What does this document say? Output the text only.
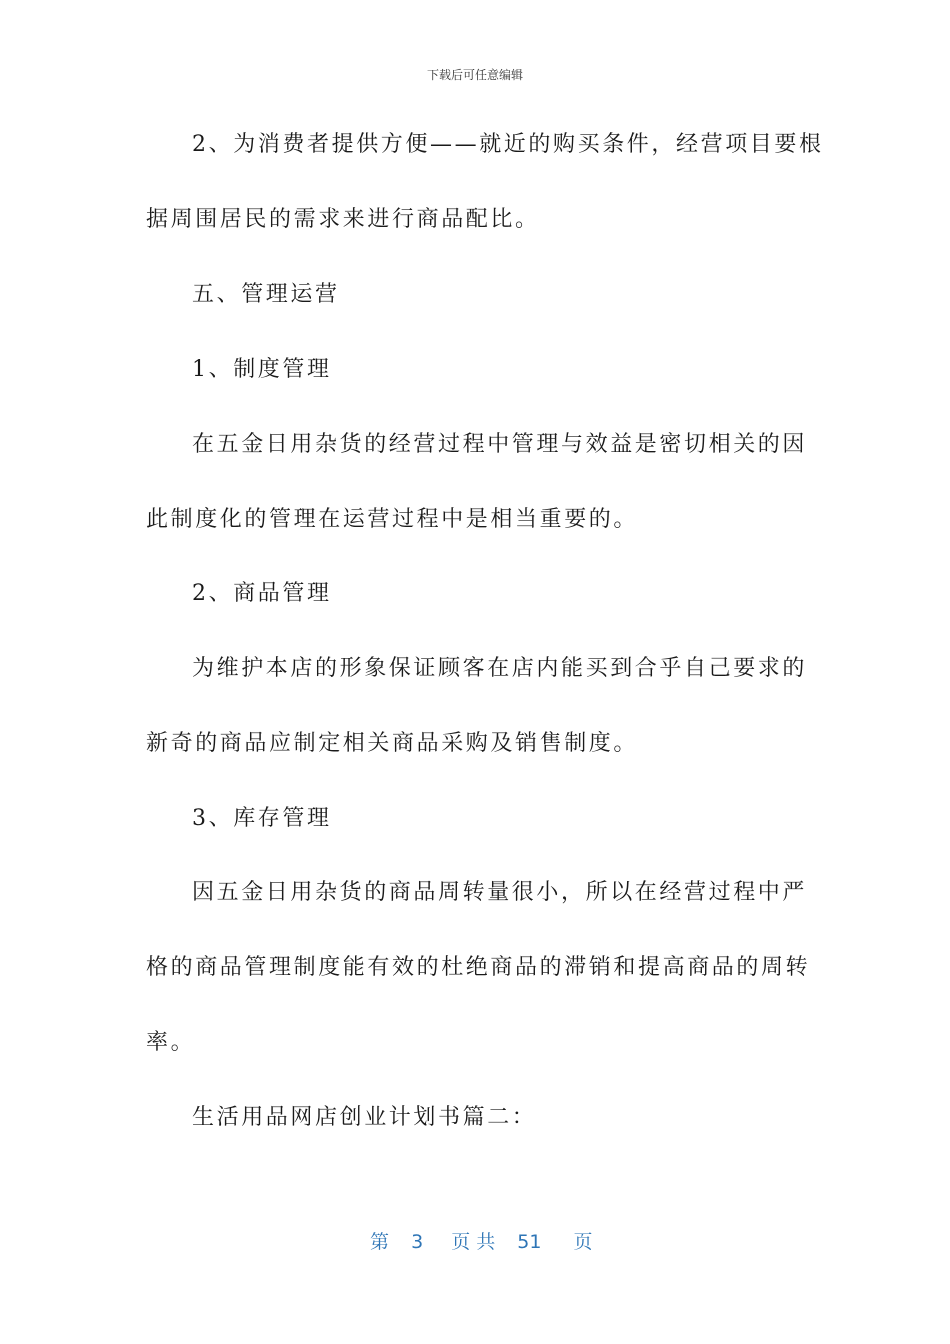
下载后可任意编辑
2、为消费者提供方便——就近的购买条件，经营项目要根
据周围居民的需求来进行商品配比。
五、管理运营
1、制度管理
在五金日用杂货的经营过程中管理与效益是密切相关的因
此制度化的管理在运营过程中是相当重要的。
2、商品管理
为维护本店的形象保证顾客在店内能买到合乎自己要求的
新奇的商品应制定相关商品采购及销售制度。
3、库存管理
因五金日用杂货的商品周转量很小，所以在经营过程中严
格的商品管理制度能有效的杜绝商品的滞销和提高商品的周转
率。
生活用品网店创业计划书篇二：
第 3 页 共 51 页
